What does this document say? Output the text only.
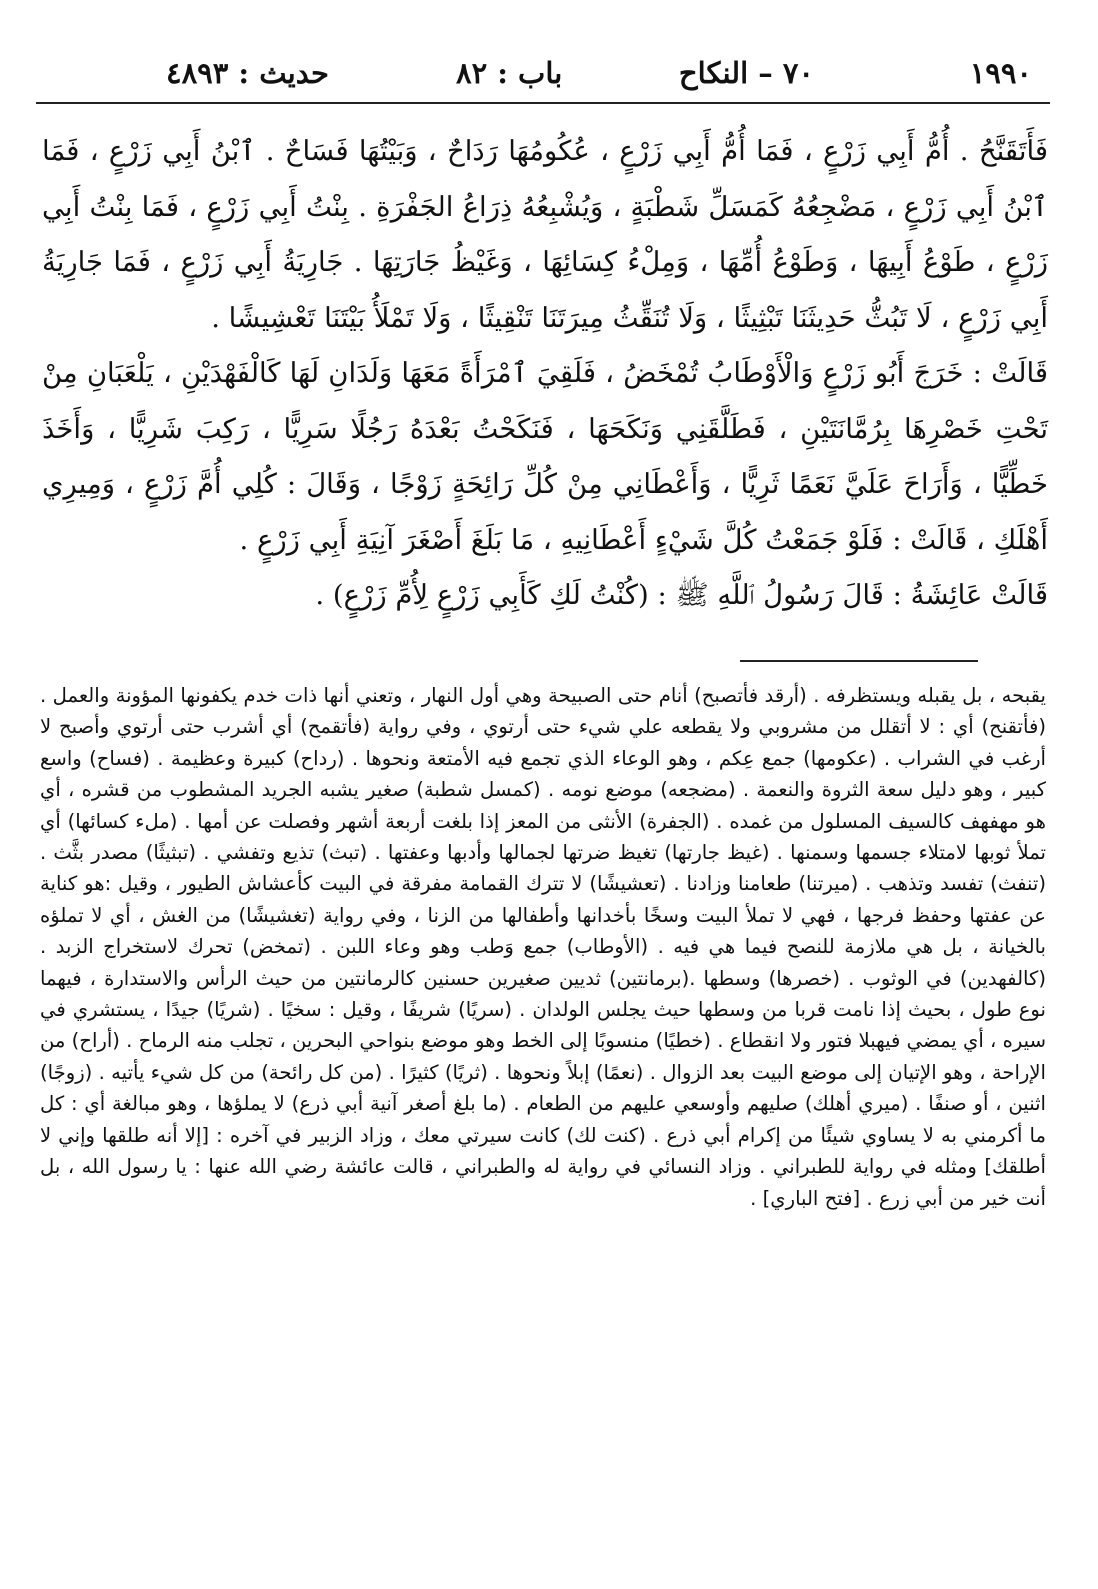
١٩٩٠
٧٠ – النكاح
باب : ٨٢
حديث : ٤٨٩٣

فَأَتَقَنَّحُ . أُمُّ أَبِي زَرْعٍ ، فَمَا أُمُّ أَبِي زَرْعٍ ، عُكُومُهَا رَدَاحٌ ، وَبَيْتُهَا فَسَاحٌ . ٱبْنُ أَبِي زَرْعٍ ، فَمَا ٱبْنُ أَبِي زَرْعٍ ، مَضْجِعُهُ كَمَسَلِّ شَطْبَةٍ ، وَيُشْبِعُهُ ذِرَاعُ الجَفْرَةِ . بِنْتُ أَبِي زَرْعٍ ، فَمَا بِنْتُ أَبِي زَرْعٍ ، طَوْعُ أَبِيهَا ، وَطَوْعُ أُمِّهَا ، وَمِلْءُ كِسَائِهَا ، وَغَيْظُ جَارَتِهَا . جَارِيَةُ أَبِي زَرْعٍ ، فَمَا جَارِيَةُ أَبِي زَرْعٍ ، لَا تَبُثُّ حَدِيثَنَا تَبْثِيثًا ، وَلَا تُنَقِّثُ مِيرَتَنَا تَنْقِيثًا ، وَلَا تَمْلَأُ بَيْتَنَا تَعْشِيشًا .

قَالَتْ : خَرَجَ أَبُو زَرْعٍ وَالْأَوْطَابُ تُمْخَضُ ، فَلَقِيَ ٱمْرَأَةً مَعَهَا وَلَدَانِ لَهَا كَالْفَهْدَيْنِ ، يَلْعَبَانِ مِنْ تَحْتِ خَصْرِهَا بِرُمَّانَتَيْنِ ، فَطَلَّقَنِي وَنَكَحَهَا ، فَنَكَحْتُ بَعْدَهُ رَجُلًا سَرِيًّا ، رَكِبَ شَرِيًّا ، وَأَخَذَ خَطِّيًّا ، وَأَرَاحَ عَلَيَّ نَعَمًا ثَرِيًّا ، وَأَعْطَانِي مِنْ كُلِّ رَائِحَةٍ زَوْجًا ، وَقَالَ : كُلِي أُمَّ زَرْعٍ ، وَمِيرِي أَهْلَكِ ، قَالَتْ : فَلَوْ جَمَعْتُ كُلَّ شَيْءٍ أَعْطَانِيهِ ، مَا بَلَغَ أَصْغَرَ آنِيَةِ أَبِي زَرْعٍ .

قَالَتْ عَائِشَةُ : قَالَ رَسُولُ ٱللَّهِ ﷺ : (كُنْتُ لَكِ كَأَبِي زَرْعٍ لِأُمِّ زَرْعٍ) .

يقبحه ، بل يقبله ويستظرفه . (أرقد فأتصبح) أنام حتى الصبيحة وهي أول النهار ، وتعني أنها ذات خدم يكفونها المؤونة والعمل . (فأتقنح) أي : لا أتقلل من مشروبي ولا يقطعه علي شيء حتى أرتوي ، وفي رواية (فأتقمح) أي أشرب حتى أرتوي وأصبح لا أرغب في الشراب . (عكومها) جمع عِكم ، وهو الوعاء الذي تجمع فيه الأمتعة ونحوها . (رداح) كبيرة وعظيمة . (فساح) واسع كبير ، وهو دليل سعة الثروة والنعمة . (مضجعه) موضع نومه . (كمسل شطبة) صغير يشبه الجريد المشطوب من قشره ، أي هو مهفهف كالسيف المسلول من غمده . (الجفرة) الأنثى من المعز إذا بلغت أربعة أشهر وفصلت عن أمها . (ملء كسائها) أي تملأ ثوبها لامتلاء جسمها وسمنها . (غيظ جارتها) تغيظ ضرتها لجمالها وأدبها وعفتها . (تبث) تذيع وتفشي . (تبثيثًا) مصدر بثَّث . (تنفث) تفسد وتذهب . (ميرتنا) طعامنا وزادنا . (تعشيشًا) لا تترك القمامة مفرقة في البيت كأعشاش الطيور ، وقيل :هو كناية عن عفتها وحفظ فرجها ، فهي لا تملأ البيت وسخًا بأخدانها وأطفالها من الزنا ، وفي رواية (تغشيشًا) من الغش ، أي لا تملؤه بالخيانة ، بل هي ملازمة للنصح فيما هي فيه . (الأوطاب) جمع وَطب وهو وعاء اللبن . (تمخض) تحرك لاستخراج الزبد . (كالفهدين) في الوثوب . (خصرها) وسطها .(برمانتين) ثديين صغيرين حسنين كالرمانتين من حيث الرأس والاستدارة ، فيهما نوع طول ، بحيث إذا نامت قربا من وسطها حيث يجلس الولدان . (سريًا) شريفًا ، وقيل : سخيًا . (شريًا) جيدًا ، يستشري في سيره ، أي يمضي فيهبلا فتور ولا انقطاع . (خطيًا) منسوبًا إلى الخط وهو موضع بنواحي البحرين ، تجلب منه الرماح . (أراح) من الإراحة ، وهو الإتيان إلى موضع البيت بعد الزوال . (نعمًا) إبلاً ونحوها . (ثريًا) كثيرًا . (من كل رائحة) من كل شيء يأتيه . (زوجًا) اثنين ، أو صنفًا . (ميري أهلك) صليهم وأوسعي عليهم من الطعام . (ما بلغ أصغر آنية أبي ذرع) لا يملؤها ، وهو مبالغة أي : كل ما أكرمني به لا يساوي شيئًا من إكرام أبي ذرع . (كنت لك) كانت سيرتي معك ، وزاد الزبير في آخره : [إلا أنه طلقها وإني لا أطلقك] ومثله في رواية للطبراني . وزاد النسائي في رواية له والطبراني ، قالت عائشة رضي الله عنها : يا رسول الله ، بل أنت خير من أبي زرع . [فتح الباري] .
